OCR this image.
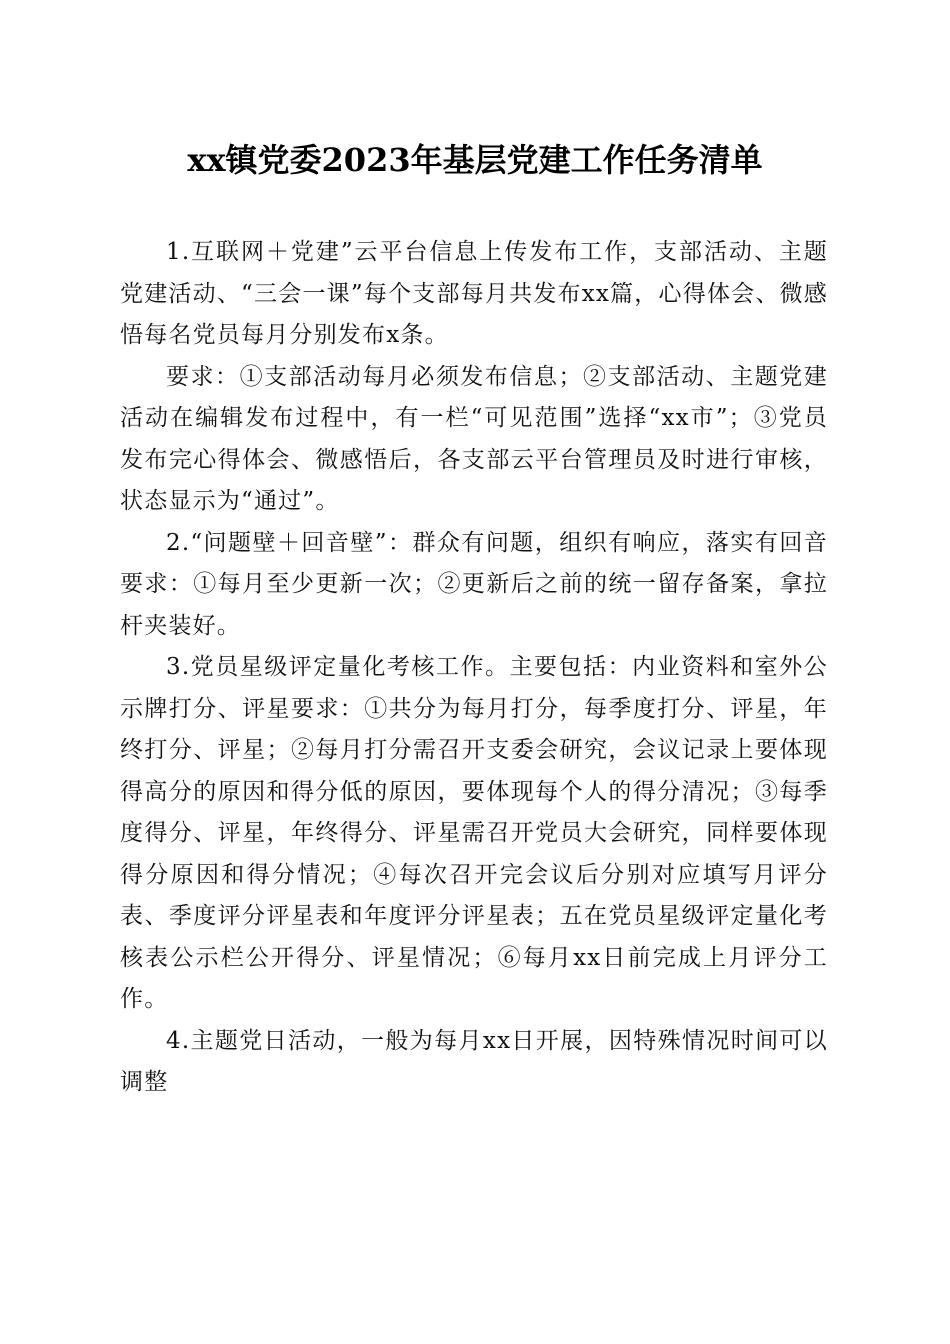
xx镇党委2023年基层党建工作任务清单

1.互联网＋党建”云平台信息上传发布工作，支部活动、主题党建活动、“三会一课”每个支部每月共发布xx篇，心得体会、微感悟每名党员每月分别发布x条。

要求：①支部活动每月必须发布信息；②支部活动、主题党建活动在编辑发布过程中，有一栏“可见范围”选择“xx市”；③党员发布完心得体会、微感悟后，各支部云平台管理员及时进行审核，状态显示为“通过”。

2.“问题壁＋回音壁”：群众有问题，组织有响应，落实有回音要求：①每月至少更新一次；②更新后之前的统一留存备案，拿拉杆夹装好。

3.党员星级评定量化考核工作。主要包括：内业资料和室外公示牌打分、评星要求：①共分为每月打分，每季度打分、评星，年终打分、评星；②每月打分需召开支委会研究，会议记录上要体现得高分的原因和得分低的原因，要体现每个人的得分清况；③每季度得分、评星，年终得分、评星需召开党员大会研究，同样要体现得分原因和得分情况；④每次召开完会议后分别对应填写月评分表、季度评分评星表和年度评分评星表；五在党员星级评定量化考核表公示栏公开得分、评星情况；⑥每月xx日前完成上月评分工作。

4.主题党日活动，一般为每月xx日开展，因特殊情况时间可以调整
